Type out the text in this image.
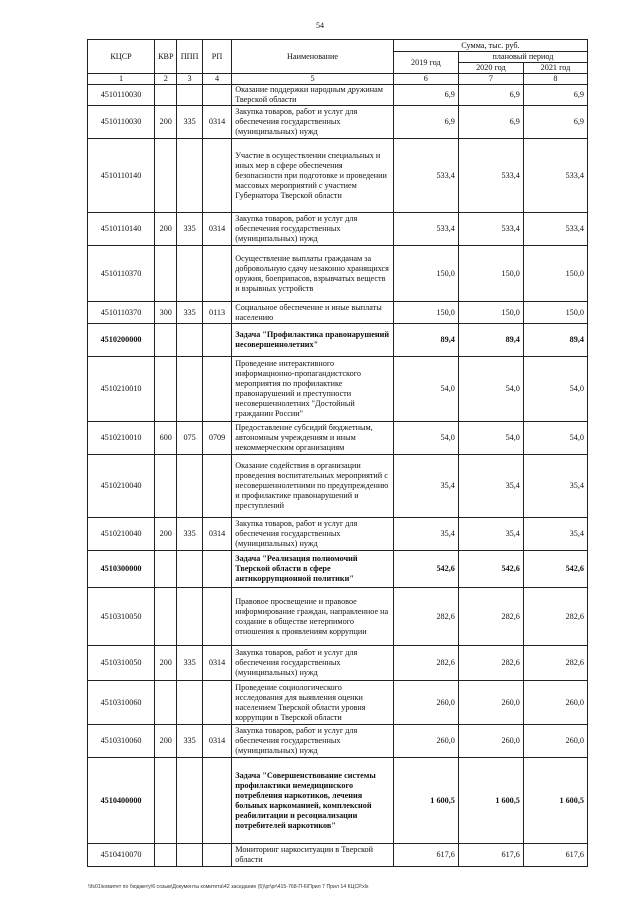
54
КЦСР	КВР	ППП	РП	Наименование	Сумма, тыс. руб.		
					2019 год	плановый период	
						2020 год	2021 год
1	2	3	4	5	6	7	8
4510110030				Оказание поддержки народным дружинам Тверской области	6,9	6,9	6,9
4510110030	200	335	0314	Закупка товаров, работ и услуг для обеспечения государственных (муниципальных) нужд	6,9	6,9	6,9
4510110140				Участие в осуществлении специальных и иных мер в сфере обеспечения безопасности при подготовке и проведении массовых мероприятий с участием Губернатора Тверской области	533,4	533,4	533,4
4510110140	200	335	0314	Закупка товаров, работ и услуг для обеспечения государственных (муниципальных) нужд	533,4	533,4	533,4
4510110370				Осуществление выплаты гражданам за добровольную сдачу незаконно хранящихся оружия, боеприпасов, взрывчатых веществ и взрывных устройств	150,0	150,0	150,0
4510110370	300	335	0113	Социальное обеспечение и иные выплаты населению	150,0	150,0	150,0
4510200000				Задача "Профилактика правонарушений несовершеннолетних"	89,4	89,4	89,4
4510210010				Проведение интерактивного информационно-пропагандистского мероприятия по профилактике правонарушений и преступности несовершеннолетних "Достойный гражданин России"	54,0	54,0	54,0
4510210010	600	075	0709	Предоставление субсидий бюджетным, автономным учреждениям и иным некоммерческим организациям	54,0	54,0	54,0
4510210040				Оказание содействия в организации проведения воспитательных мероприятий с несовершеннолетними по предупреждению и профилактике правонарушений и преступлений	35,4	35,4	35,4
4510210040	200	335	0314	Закупка товаров, работ и услуг для обеспечения государственных (муниципальных) нужд	35,4	35,4	35,4
4510300000				Задача "Реализация полномочий Тверской области в сфере антикоррупционной политики"	542,6	542,6	542,6
4510310050				Правовое просвещение и правовое информирование граждан, направленное на создание в обществе нетерпимого отношения к проявлениям коррупции	282,6	282,6	282,6
4510310050	200	335	0314	Закупка товаров, работ и услуг для обеспечения государственных (муниципальных) нужд	282,6	282,6	282,6
4510310060				Проведение социологического исследования для выявления оценки населением Тверской области уровня коррупции в Тверской области	260,0	260,0	260,0
4510310060	200	335	0314	Закупка товаров, работ и услуг для обеспечения государственных (муниципальных) нужд	260,0	260,0	260,0
4510400000				Задача "Совершенствование системы профилактики немедицинского потребления наркотиков, лечения больных наркоманией, комплексной реабилитации и ресоциализации потребителей наркотиков"	1 600,5	1 600,5	1 600,5
4510410070				Мониторинг наркоситуации в Тверской области	617,6	617,6	617,6
\\fs01\комитет по бюджету\6 созыв\Документы комитета\42 заседание (5)\pr\pr\415-768-П-6\Прил 7 Прил 14 КЦСР.xls
